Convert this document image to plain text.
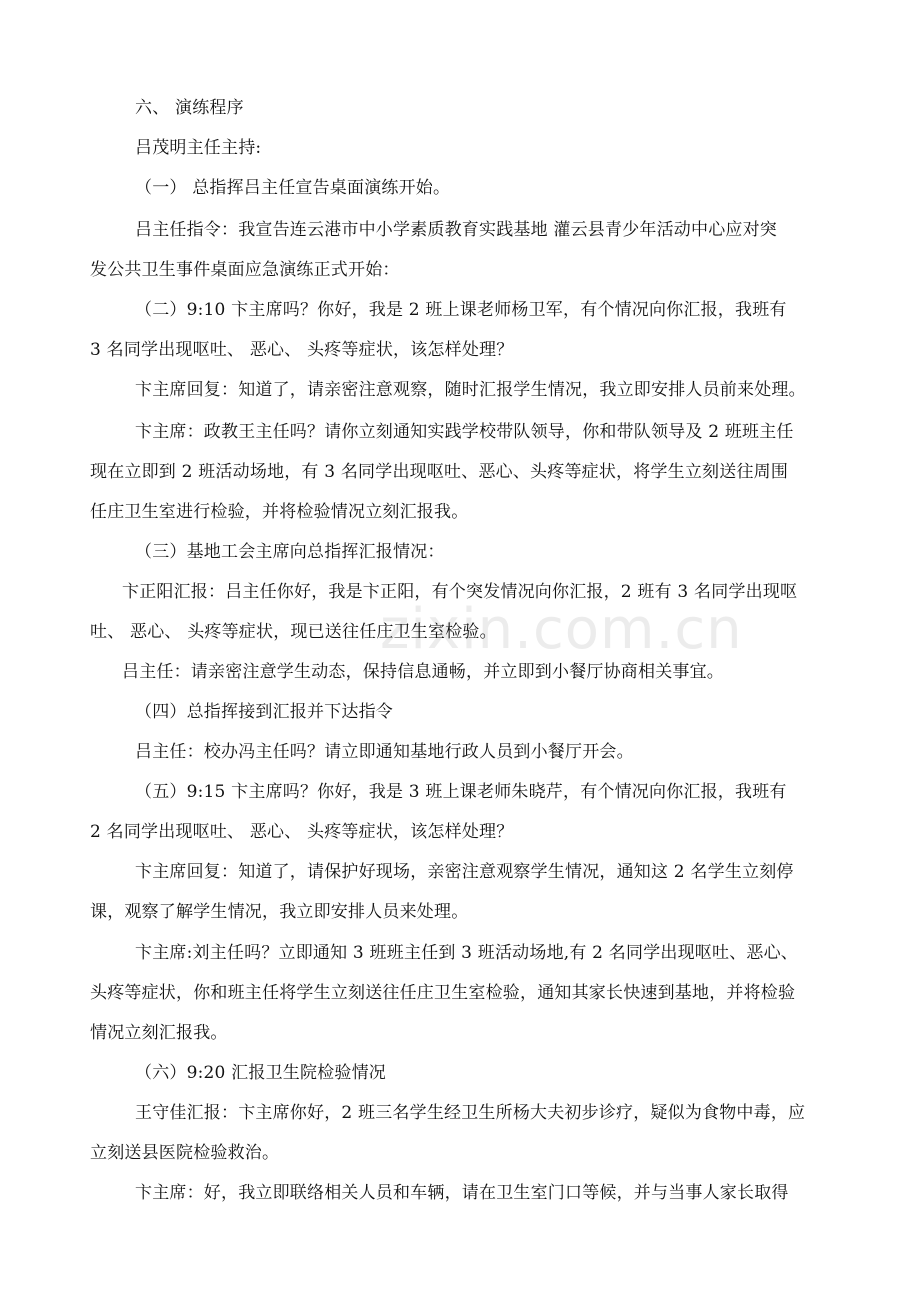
zixin.com.cn
六、 演练程序
吕茂明主任主持:
（一） 总指挥吕主任宣告桌面演练开始。
吕主任指令：我宣告连云港市中小学素质教育实践基地 灌云县青少年活动中心应对突
发公共卫生事件桌面应急演练正式开始：
（二）9:10 卞主席吗？你好，我是 2 班上课老师杨卫军，有个情况向你汇报，我班有
3 名同学出现呕吐、 恶心、 头疼等症状，该怎样处理？
卞主席回复：知道了，请亲密注意观察，随时汇报学生情况，我立即安排人员前来处理。
卞主席：政教王主任吗？请你立刻通知实践学校带队领导，你和带队领导及 2 班班主任
现在立即到 2 班活动场地，有 3 名同学出现呕吐、恶心、头疼等症状，将学生立刻送往周围
任庄卫生室进行检验，并将检验情况立刻汇报我。
（三）基地工会主席向总指挥汇报情况：
卞正阳汇报：吕主任你好，我是卞正阳，有个突发情况向你汇报，2 班有 3 名同学出现呕
吐、 恶心、 头疼等症状，现已送往任庄卫生室检验。
吕主任：请亲密注意学生动态，保持信息通畅，并立即到小餐厅协商相关事宜。
（四）总指挥接到汇报并下达指令
吕主任：校办冯主任吗？请立即通知基地行政人员到小餐厅开会。
（五）9:15 卞主席吗？你好，我是 3 班上课老师朱晓芹，有个情况向你汇报，我班有
2 名同学出现呕吐、 恶心、 头疼等症状，该怎样处理？
卞主席回复：知道了，请保护好现场，亲密注意观察学生情况，通知这 2 名学生立刻停
课，观察了解学生情况，我立即安排人员来处理。
卞主席:刘主任吗？立即通知 3 班班主任到 3 班活动场地,有 2 名同学出现呕吐、恶心、
头疼等症状，你和班主任将学生立刻送往任庄卫生室检验，通知其家长快速到基地，并将检验
情况立刻汇报我。
（六）9:20 汇报卫生院检验情况
王守佳汇报：卞主席你好，2 班三名学生经卫生所杨大夫初步诊疗，疑似为食物中毒，应
立刻送县医院检验救治。
卞主席：好，我立即联络相关人员和车辆，请在卫生室门口等候，并与当事人家长取得
